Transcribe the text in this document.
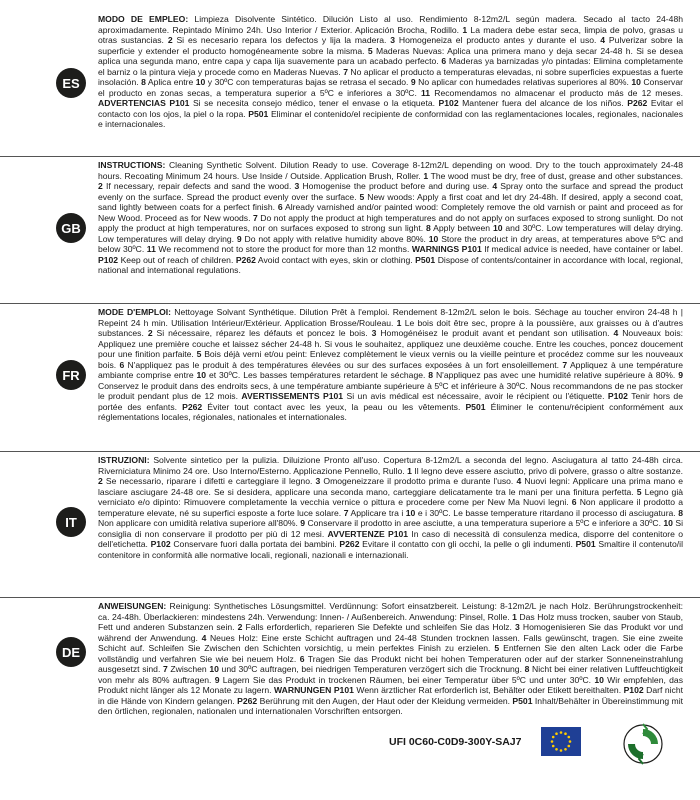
ES
MODO DE EMPLEO: Limpieza Disolvente Sintético. Dilución Listo al uso. Rendimiento 8-12m2/L según madera. Secado al tacto 24-48h aproximadamente. Repintado Mínimo 24h. Uso Interior / Exterior. Aplicación Brocha, Rodillo. 1 La madera debe estar seca, limpia de polvo, grasas u otras sustancias. 2 Si es necesario repara los defectos y lija la madera. 3 Homogeneiza el producto antes y durante el uso. 4 Pulverizar sobre la superficie y extender el producto homogéneamente sobre la misma. 5 Maderas Nuevas: Aplica una primera mano y deja secar 24-48 h. Si se desea aplica una segunda mano, entre capa y capa lija suavemente para un acabado perfecto. 6 Maderas ya barnizadas y/o pintadas: Elimina completamente el barniz o la pintura vieja y procede como en Maderas Nuevas. 7 No aplicar el producto a temperaturas elevadas, ni sobre superficies expuestas a fuerte insolación. 8 Aplica entre 10 y 30ºC con temperaturas bajas se retrasa el secado. 9 No aplicar con humedades relativas superiores al 80%. 10 Conservar el producto en zonas secas, a temperatura superior a 5ºC e inferiores a 30ºC. 11 Recomendamos no almacenar el producto más de 12 meses. ADVERTENCIAS P101 Si se necesita consejo médico, tener el envase o la etiqueta. P102 Mantener fuera del alcance de los niños. P262 Evitar el contacto con los ojos, la piel o la ropa. P501 Eliminar el contenido/el recipiente de conformidad con las reglamentaciones locales, regionales, nacionales e internacionales.
GB
INSTRUCTIONS: Cleaning Synthetic Solvent. Dilution Ready to use. Coverage 8-12m2/L depending on wood. Dry to the touch approximately 24-48 hours. Recoating Minimum 24 hours. Use Inside / Outside. Application Brush, Roller. 1 The wood must be dry, free of dust, grease and other substances. 2 If necessary, repair defects and sand the wood. 3 Homogenise the product before and during use. 4 Spray onto the surface and spread the product evenly on the surface. Spread the product evenly over the surface. 5 New woods: Apply a first coat and let dry 24-48h. If desired, apply a second coat, sand lightly between coats for a perfect finish. 6 Already varnished and/or painted wood: Completely remove the old varnish or paint and proceed as for New Wood. Proceed as for New woods. 7 Do not apply the product at high temperatures and do not apply on surfaces exposed to strong sunlight. Do not apply the product at high temperatures, nor on surfaces exposed to strong sun light. 8 Apply between 10 and 30ºC. Low temperatures will delay drying. Low temperatures will delay drying. 9 Do not apply with relative humidity above 80%. 10 Store the product in dry areas, at temperatures above 5ºC and below 30ºC. 11 We recommend not to store the product for more than 12 months. WARNINGS P101 If medical advice is needed, have container or label. P102 Keep out of reach of children. P262 Avoid contact with eyes, skin or clothing. P501 Dispose of contents/container in accordance with local, regional, national and international regulations.
FR
MODE D'EMPLOI: Nettoyage Solvant Synthétique. Dilution Prêt à l'emploi. Rendement 8-12m2/L selon le bois. Séchage au toucher environ 24-48 h | Repeint 24 h min. Utilisation Intérieur/Extérieur. Application Brosse/Rouleau. 1 Le bois doit être sec, propre à la poussière, aux graisses ou à d'autres substances. 2 Si nécessaire, réparez les défauts et poncez le bois. 3 Homogénéisez le produit avant et pendant son utilisation. 4 Nouveaux bois: Appliquez une première couche et laissez sécher 24-48 h. Si vous le souhaitez, appliquez une deuxième couche. Entre les couches, poncez doucement pour une finition parfaite. 5 Bois déjà verni et/ou peint: Enlevez complètement le vieux vernis ou la vieille peinture et procédez comme sur les nouveaux bois. 6 N'appliquez pas le produit à des températures élevées ou sur des surfaces exposées à un fort ensoleillement. 7 Appliquez à une température ambiante comprise entre 10 et 30ºC. Les basses températures retardent le séchage. 8 N'appliquez pas avec une humidité relative supérieure à 80%. 9 Conservez le produit dans des endroits secs, à une température ambiante supérieure à 5ºC et inférieure à 30ºC. Nous recommandons de ne pas stocker le produit pendant plus de 12 mois. AVERTISSEMENTS P101 Si un avis médical est nécessaire, avoir le récipient ou l'étiquette. P102 Tenir hors de portée des enfants. P262 Éviter tout contact avec les yeux, la peau ou les vêtements. P501 Éliminer le contenu/récipient conformément aux réglementations locales, régionales, nationales et internationales.
IT
ISTRUZIONI: Solvente sintetico per la pulizia. Diluizione Pronto all'uso. Copertura 8-12m2/L a seconda del legno. Asciugatura al tatto 24-48h circa. Riverniciatura Minimo 24 ore. Uso Interno/Esterno. Applicazione Pennello, Rullo. 1 Il legno deve essere asciutto, privo di polvere, grasso o altre sostanze. 2 Se necessario, riparare i difetti e carteggiare il legno. 3 Omogeneizzare il prodotto prima e durante l'uso. 4 Nuovi legni: Applicare una prima mano e lasciare asciugare 24-48 ore. Se si desidera, applicare una seconda mano, carteggiare delicatamente tra le mani per una finitura perfetta. 5 Legno già verniciato e/o dipinto: Rimuovere completamente la vecchia vernice o pittura e procedere come per New Ma Nuovi legni. 6 Non applicare il prodotto a temperature elevate, né su superfici esposte a forte luce solare. 7 Applicare tra i 10 e i 30ºC. Le basse temperature ritardano il processo di asciugatura. 8 Non applicare con umidità relativa superiore all'80%. 9 Conservare il prodotto in aree asciutte, a una temperatura superiore a 5ºC e inferiore a 30ºC. 10 Si consiglia di non conservare il prodotto per più di 12 mesi. AVVERTENZE P101 In caso di necessità di consulenza medica, disporre del contenitore o dell'etichetta. P102 Conservare fuori dalla portata dei bambini. P262 Evitare il contatto con gli occhi, la pelle o gli indumenti. P501 Smaltire il contenuto/il contenitore in conformità alle normative locali, regionali, nazionali e internazionali.
DE
ANWEISUNGEN: Reinigung: Synthetisches Lösungsmittel. Verdünnung: Sofort einsatzbereit. Leistung: 8-12m2/L je nach Holz. Berührungstrockenheit: ca. 24-48h. Überlackieren: mindestens 24h. Verwendung: Innen- / Außenbereich. Anwendung: Pinsel, Rolle. 1 Das Holz muss trocken, sauber von Staub, Fett und anderen Substanzen sein. 2 Falls erforderlich, reparieren Sie Defekte und schleifen Sie das Holz. 3 Homogenisieren Sie das Produkt vor und während der Anwendung. 4 Neues Holz: Eine erste Schicht auftragen und 24-48 Stunden trocknen lassen. Falls gewünscht, tragen. Sie eine zweite Schicht auf. Schleifen Sie Zwischen den Schichten vorsichtig, u mein perfektes Finish zu erzielen. 5 Entfernen Sie den alten Lack oder die Farbe vollständig und verfahren Sie wie bei neuem Holz. 6 Tragen Sie das Produkt nicht bei hohen Temperaturen oder auf der starker Sonneneinstrahlung ausgesetzt sind. 7 Zwischen 10 und 30ºC auftragen, bei niedrigen Temperaturen verzögert sich die Trocknung. 8 Nicht bei einer relativen Luftfeuchtigkeit von mehr als 80% auftragen. 9 Lagern Sie das Produkt in trockenen Räumen, bei einer Temperatur über 5ºC und unter 30ºC. 10 Wir empfehlen, das Produkt nicht länger als 12 Monate zu lagern. WARNUNGEN P101 Wenn ärztlicher Rat erforderlich ist, Behälter oder Etikett bereithalten. P102 Darf nicht in die Hände von Kindern gelangen. P262 Berührung mit den Augen, der Haut oder der Kleidung vermeiden. P501 Inhalt/Behälter in Übereinstimmung mit den örtlichen, regionalen, nationalen und internationalen Vorschriften entsorgen.
UFI 0C60-C0D9-300Y-SAJ7
